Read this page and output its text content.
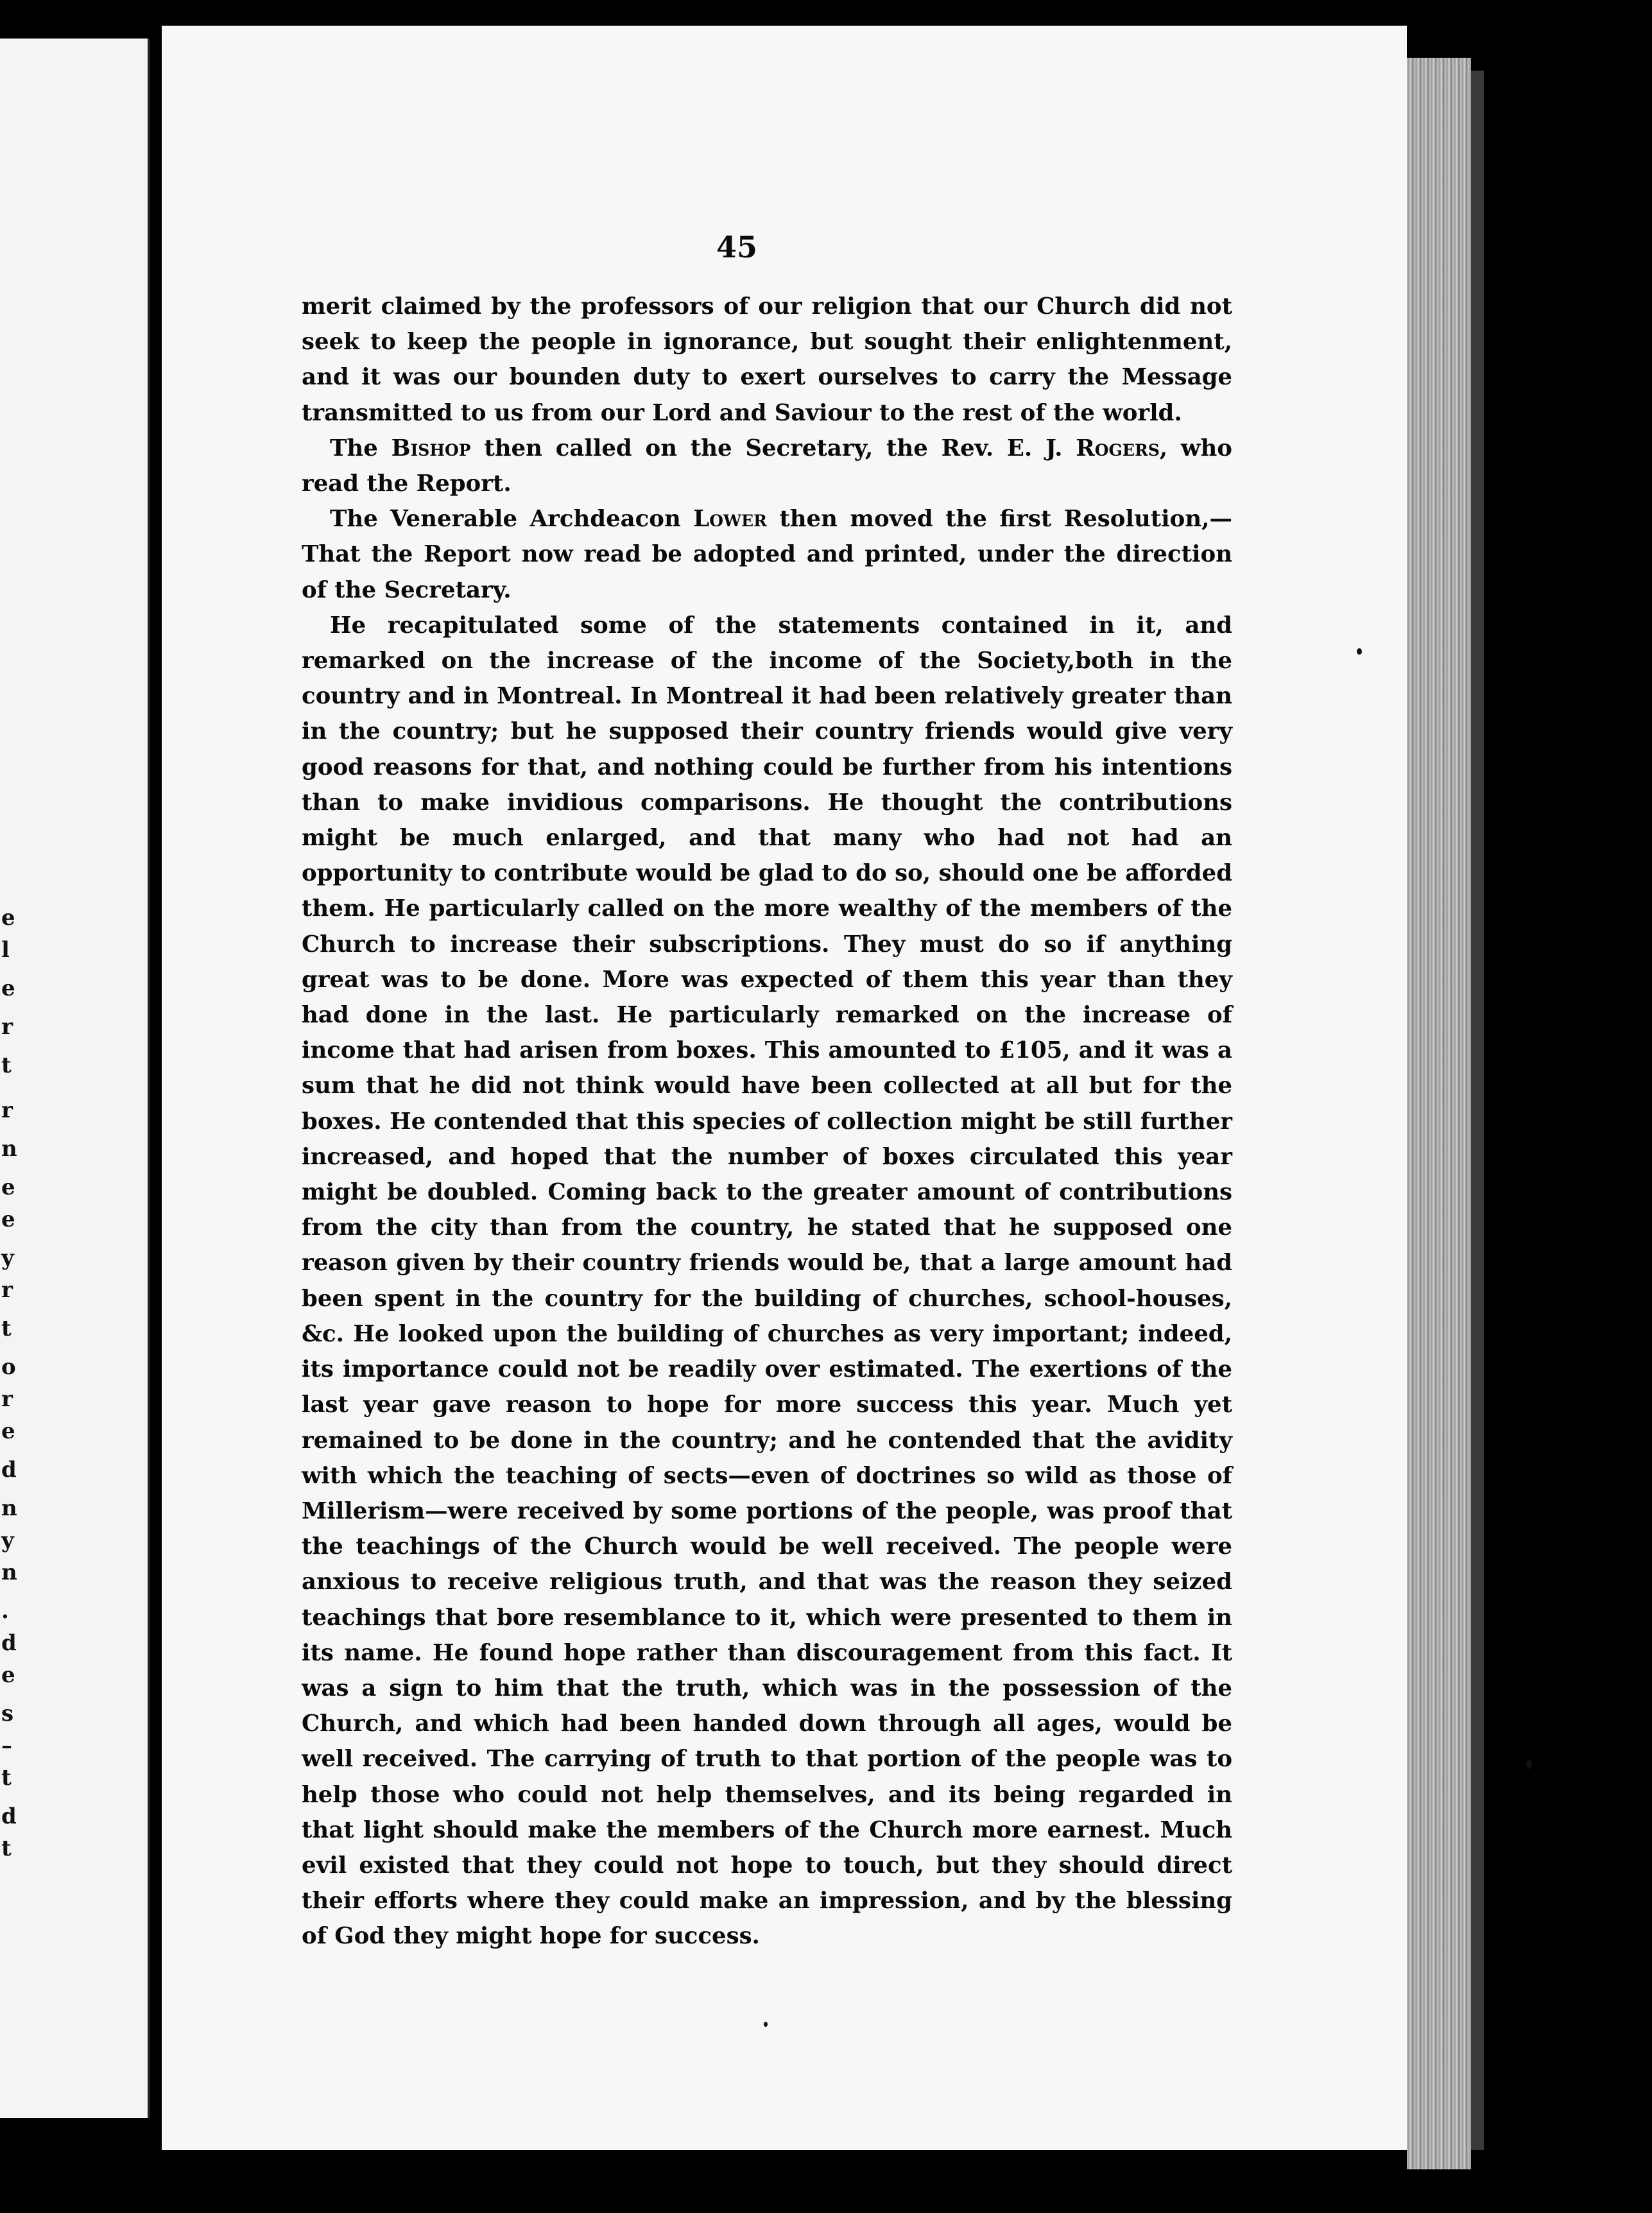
e
l
e
r
t
r
n
e
e
y
r
t
o
r
e
d
n
y
n
.
d
e
s
–
t
d
t
45

merit claimed by the professors of our religion that our Church did not seek to keep the people in ignorance, but sought their enlightenment, and it was our bounden duty to exert ourselves to carry the Message transmitted to us from our Lord and Saviour to the rest of the world.

The Bishop then called on the Secretary, the Rev. E. J. Rogers, who read the Report.

The Venerable Archdeacon Lower then moved the first Resolution,—That the Report now read be adopted and printed, under the direction of the Secretary.

He recapitulated some of the statements contained in it, and remarked on the increase of the income of the Society,both in the country and in Montreal. In Montreal it had been relatively greater than in the country; but he supposed their country friends would give very good reasons for that, and nothing could be further from his intentions than to make invidious comparisons. He thought the contributions might be much enlarged, and that many who had not had an opportunity to contribute would be glad to do so, should one be afforded them. He particularly called on the more wealthy of the members of the Church to increase their subscriptions. They must do so if anything great was to be done. More was expected of them this year than they had done in the last. He particularly remarked on the increase of income that had arisen from boxes. This amounted to £105, and it was a sum that he did not think would have been collected at all but for the boxes. He contended that this species of collection might be still further increased, and hoped that the number of boxes circulated this year might be doubled. Coming back to the greater amount of contributions from the city than from the country, he stated that he supposed one reason given by their country friends would be, that a large amount had been spent in the country for the building of churches, school-houses, &c. He looked upon the building of churches as very important; indeed, its importance could not be readily over estimated. The exertions of the last year gave reason to hope for more success this year. Much yet remained to be done in the country; and he contended that the avidity with which the teaching of sects—even of doctrines so wild as those of Millerism—were received by some portions of the people, was proof that the teachings of the Church would be well received. The people were anxious to receive religious truth, and that was the reason they seized teachings that bore resemblance to it, which were presented to them in its name. He found hope rather than discouragement from this fact. It was a sign to him that the truth, which was in the possession of the Church, and which had been handed down through all ages, would be well received. The carrying of truth to that portion of the people was to help those who could not help themselves, and its being regarded in that light should make the members of the Church more earnest. Much evil existed that they could not hope to touch, but they should direct their efforts where they could make an impression, and by the blessing of God they might hope for success.
